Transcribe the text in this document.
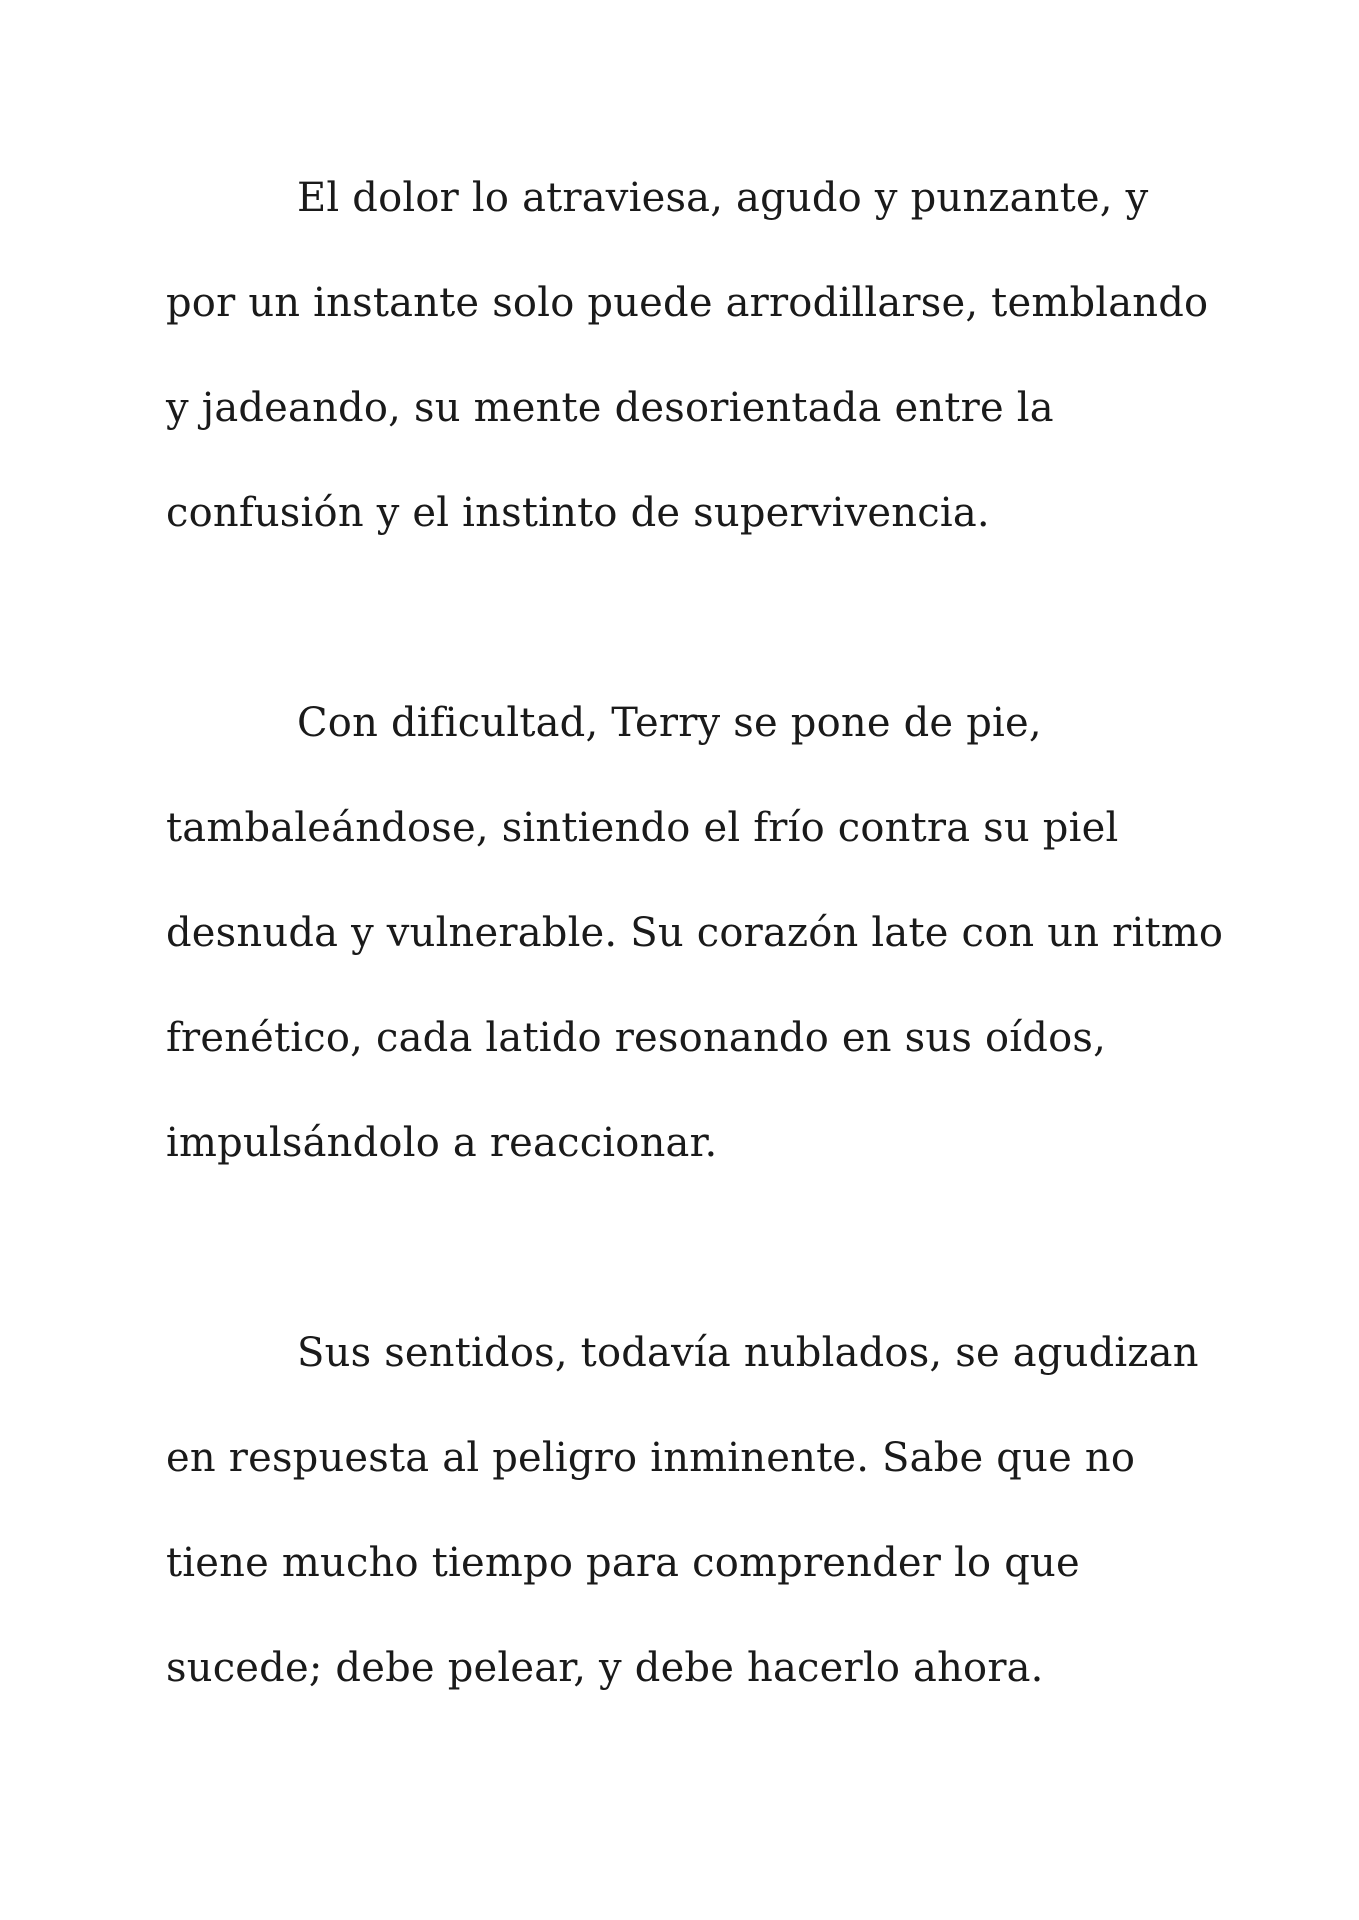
El dolor lo atraviesa, agudo y punzante, y
por un instante solo puede arrodillarse, temblando
y jadeando, su mente desorientada entre la
confusión y el instinto de supervivencia.
Con dificultad, Terry se pone de pie,
tambaleándose, sintiendo el frío contra su piel
desnuda y vulnerable. Su corazón late con un ritmo
frenético, cada latido resonando en sus oídos,
impulsándolo a reaccionar.
Sus sentidos, todavía nublados, se agudizan
en respuesta al peligro inminente. Sabe que no
tiene mucho tiempo para comprender lo que
sucede; debe pelear, y debe hacerlo ahora.
